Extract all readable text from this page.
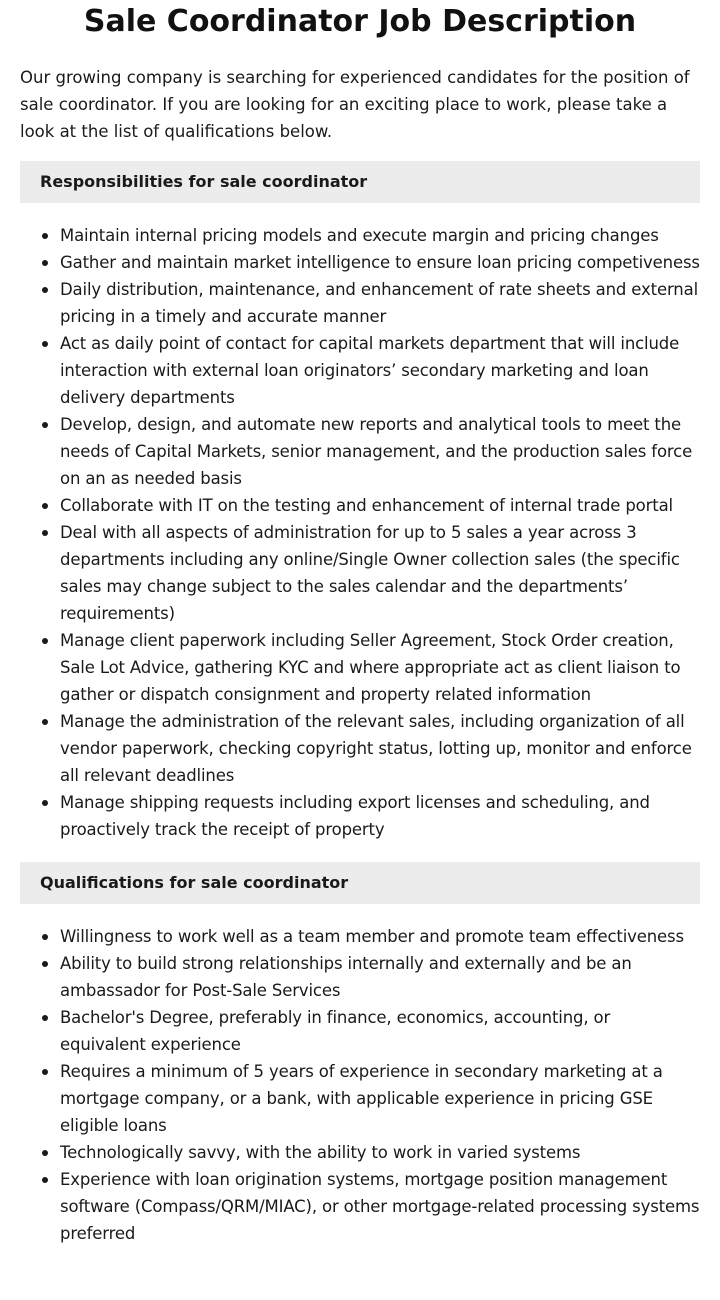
Sale Coordinator Job Description

Our growing company is searching for experienced candidates for the position of sale coordinator. If you are looking for an exciting place to work, please take a look at the list of qualifications below.

Responsibilities for sale coordinator
Maintain internal pricing models and execute margin and pricing changes
Gather and maintain market intelligence to ensure loan pricing competiveness
Daily distribution, maintenance, and enhancement of rate sheets and external pricing in a timely and accurate manner
Act as daily point of contact for capital markets department that will include interaction with external loan originators’ secondary marketing and loan delivery departments
Develop, design, and automate new reports and analytical tools to meet the needs of Capital Markets, senior management, and the production sales force on an as needed basis
Collaborate with IT on the testing and enhancement of internal trade portal
Deal with all aspects of administration for up to 5 sales a year across 3 departments including any online/Single Owner collection sales (the specific sales may change subject to the sales calendar and the departments’ requirements)
Manage client paperwork including Seller Agreement, Stock Order creation, Sale Lot Advice, gathering KYC and where appropriate act as client liaison to gather or dispatch consignment and property related information
Manage the administration of the relevant sales, including organization of all vendor paperwork, checking copyright status, lotting up, monitor and enforce all relevant deadlines
Manage shipping requests including export licenses and scheduling, and proactively track the receipt of property
Qualifications for sale coordinator
Willingness to work well as a team member and promote team effectiveness
Ability to build strong relationships internally and externally and be an ambassador for Post-Sale Services
Bachelor's Degree, preferably in finance, economics, accounting, or equivalent experience
Requires a minimum of 5 years of experience in secondary marketing at a mortgage company, or a bank, with applicable experience in pricing GSE eligible loans
Technologically savvy, with the ability to work in varied systems
Experience with loan origination systems, mortgage position management software (Compass/QRM/MIAC), or other mortgage-related processing systems preferred
